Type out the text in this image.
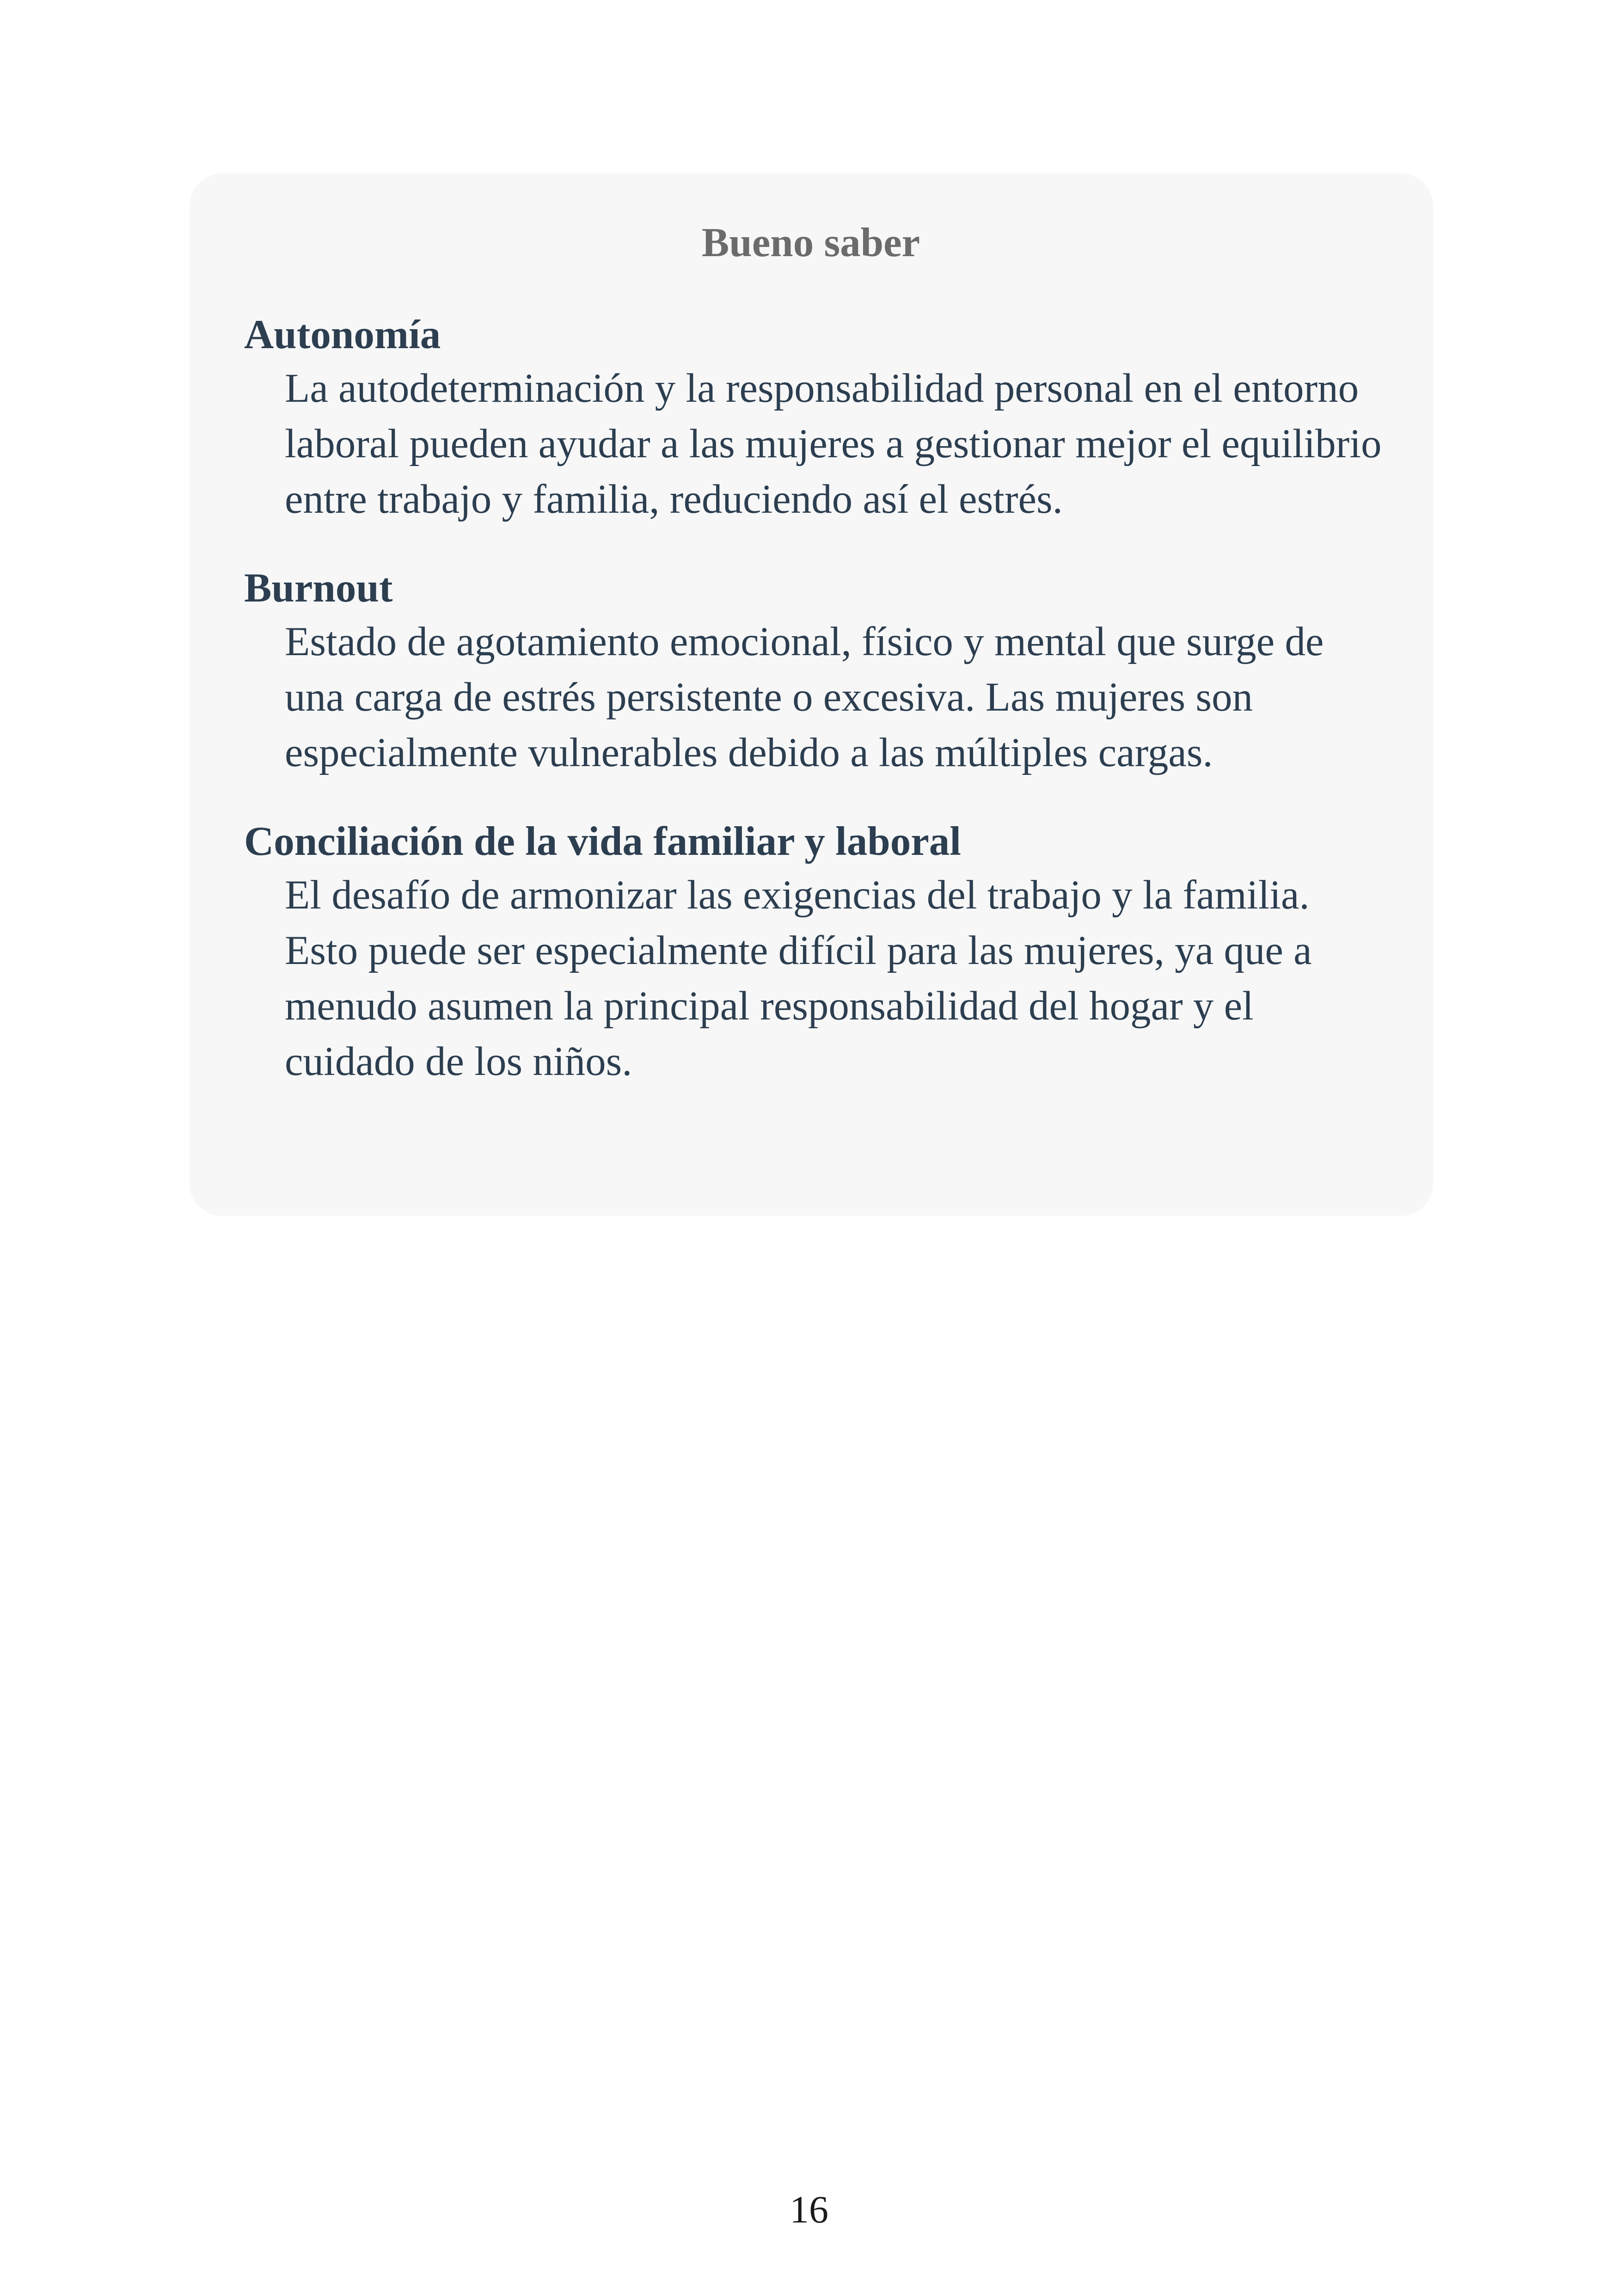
Bueno saber
Autonomía
La autodeterminación y la responsabilidad personal en el entorno laboral pueden ayudar a las mujeres a gestionar mejor el equilibrio entre trabajo y familia, reduciendo así el estrés.
Burnout
Estado de agotamiento emocional, físico y mental que surge de una carga de estrés persistente o excesiva. Las mujeres son especialmente vulnerables debido a las múltiples cargas.
Conciliación de la vida familiar y laboral
El desafío de armonizar las exigencias del trabajo y la familia. Esto puede ser especialmente difícil para las mujeres, ya que a menudo asumen la principal responsabilidad del hogar y el cuidado de los niños.
16
